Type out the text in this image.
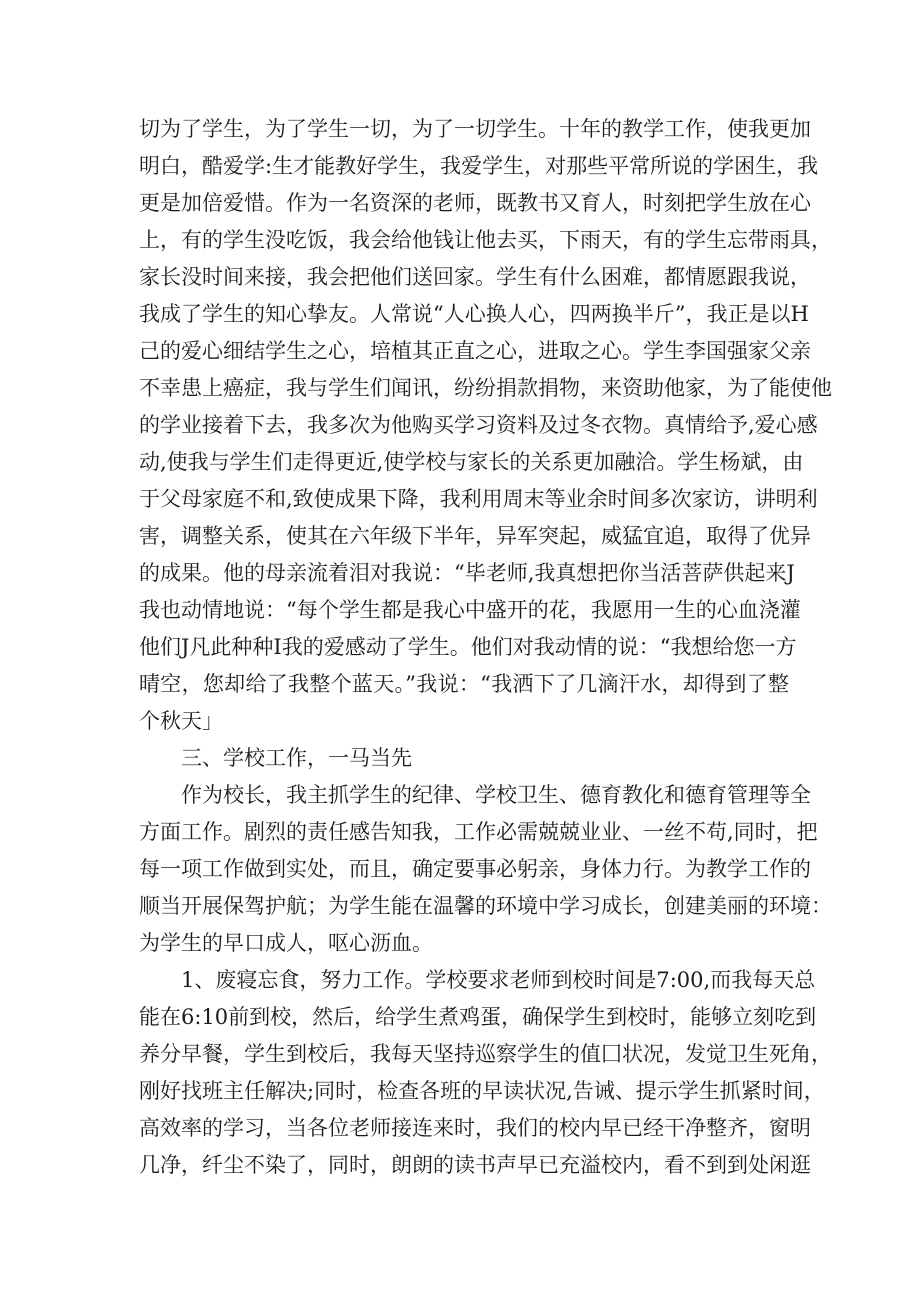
切为了学生，为了学生一切，为了一切学生。十年的教学工作，使我更加
明白，酷爱学:生才能教好学生，我爱学生，对那些平常所说的学困生，我
更是加倍爱惜。作为一名资深的老师，既教书又育人，时刻把学生放在心
上，有的学生没吃饭，我会给他钱让他去买，下雨天，有的学生忘带雨具，
家长没时间来接，我会把他们送回家。学生有什么困难，都情愿跟我说，
我成了学生的知心挚友。人常说“人心换人心，四两换半斤”，我正是以H
己的爱心细结学生之心，培植其正直之心，进取之心。学生李国强家父亲
不幸患上癌症，我与学生们闻讯，纷纷捐款捐物，来资助他家，为了能使他
的学业接着下去，我多次为他购买学习资料及过冬衣物。真情给予,爱心感
动,使我与学生们走得更近,使学校与家长的关系更加融洽。学生杨斌，由
于父母家庭不和,致使成果下降，我利用周末等业余时间多次家访，讲明利
害，调整关系，使其在六年级下半年，异军突起，威猛宜追，取得了优异
的成果。他的母亲流着泪对我说：“毕老师,我真想把你当活菩萨供起来J
我也动情地说：“每个学生都是我心中盛开的花，我愿用一生的心血浇灌
他们J凡此种种I我的爱感动了学生。他们对我动情的说：“我想给您一方
晴空，您却给了我整个蓝天。”我说：“我洒下了几滴汗水，却得到了整
个秋天」
三、学校工作，一马当先
作为校长，我主抓学生的纪律、学校卫生、德育教化和德育管理等全
方面工作。剧烈的责任感告知我，工作必需兢兢业业、一丝不苟,同时，把
每一项工作做到实处，而且，确定要事必躬亲，身体力行。为教学工作的
顺当开展保驾护航；为学生能在温馨的环境中学习成长，创建美丽的环境：
为学生的早口成人，呕心沥血。
1、废寝忘食，努力工作。学校要求老师到校时间是7:00,而我每天总
能在6:10前到校，然后，给学生煮鸡蛋，确保学生到校时，能够立刻吃到
养分早餐，学生到校后，我每天坚持巡察学生的值囗状况，发觉卫生死角，
刚好找班主任解决;同时，检查各班的早读状况,告诫、提示学生抓紧时间，
高效率的学习，当各位老师接连来时，我们的校内早已经干净整齐，窗明
几净，纤尘不染了，同时，朗朗的读书声早已充溢校内，看不到到处闲逛
